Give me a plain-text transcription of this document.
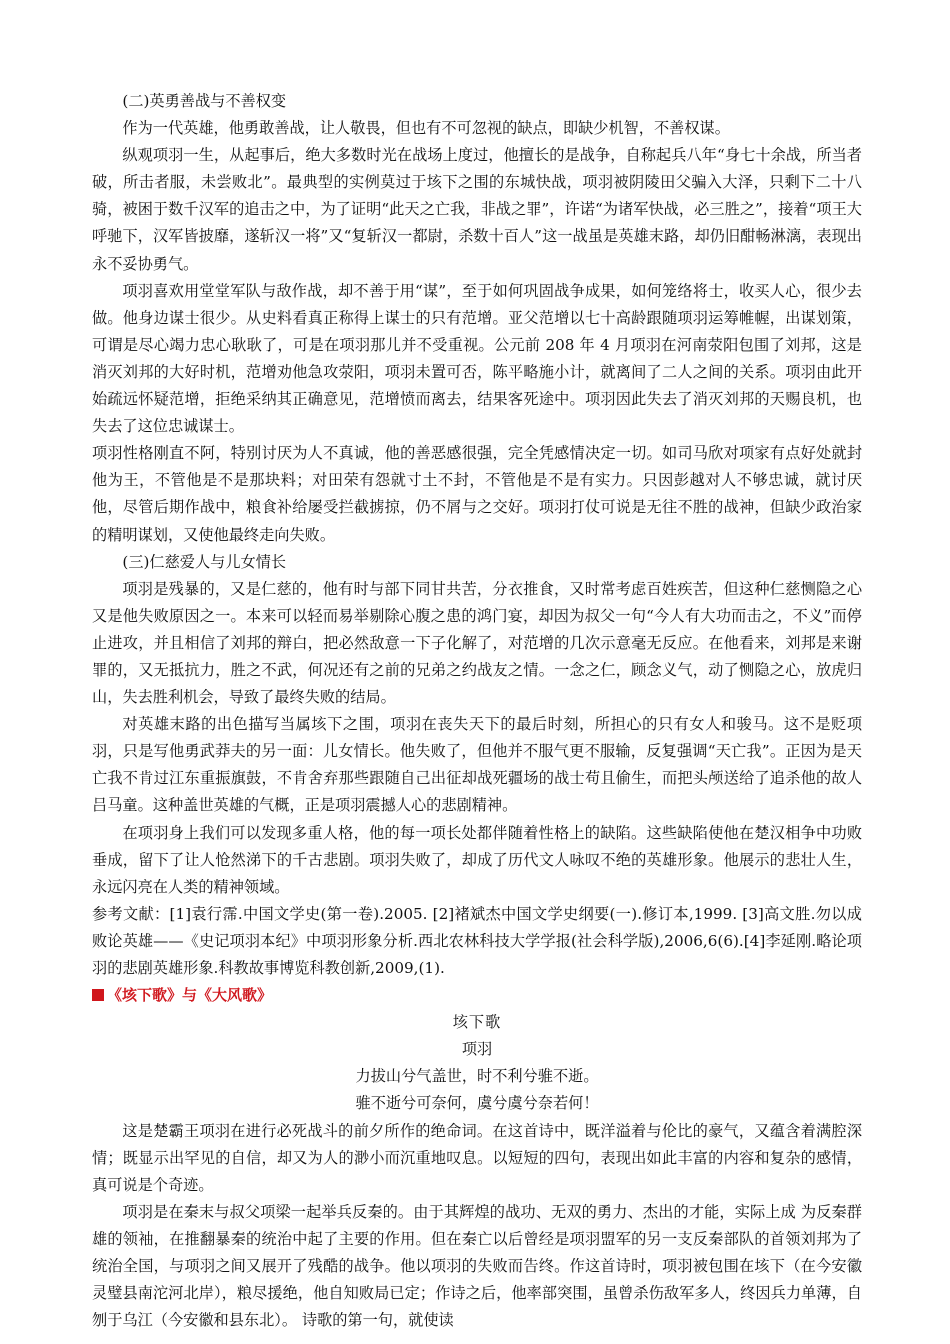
(二)英勇善战与不善权变

作为一代英雄，他勇敢善战，让人敬畏，但也有不可忽视的缺点，即缺少机智，不善权谋。

纵观项羽一生，从起事后，绝大多数时光在战场上度过，他擅长的是战争，自称起兵八年“身七十余战，所当者破，所击者服，未尝败北”。最典型的实例莫过于垓下之围的东城快战，项羽被阴陵田父骗入大泽，只剩下二十八骑，被困于数千汉军的追击之中，为了证明“此天之亡我，非战之罪”，许诺“为诸军快战，必三胜之”，接着“项王大呼驰下，汉军皆披靡，遂斩汉一将”又“复斩汉一都尉，杀数十百人”这一战虽是英雄末路，却仍旧酣畅淋漓，表现出永不妥协勇气。

项羽喜欢用堂堂军队与敌作战，却不善于用“谋”，至于如何巩固战争成果，如何笼络将士，收买人心，很少去做。他身边谋士很少。从史料看真正称得上谋士的只有范增。亚父范增以七十高龄跟随项羽运筹帷幄，出谋划策，可谓是尽心竭力忠心耿耿了，可是在项羽那儿并不受重视。公元前 208 年 4 月项羽在河南荥阳包围了刘邦，这是消灭刘邦的大好时机，范增劝他急攻荥阳，项羽未置可否，陈平略施小计，就离间了二人之间的关系。项羽由此开始疏远怀疑范增，拒绝采纳其正确意见，范增愤而离去，结果客死途中。项羽因此失去了消灭刘邦的天赐良机，也失去了这位忠诚谋士。

项羽性格刚直不阿，特别讨厌为人不真诚，他的善恶感很强，完全凭感情决定一切。如司马欣对项家有点好处就封他为王，不管他是不是那块料；对田荣有怨就寸土不封，不管他是不是有实力。只因彭越对人不够忠诚，就讨厌他，尽管后期作战中，粮食补给屡受拦截掳掠，仍不屑与之交好。项羽打仗可说是无往不胜的战神，但缺少政治家的精明谋划，又使他最终走向失败。

(三)仁慈爱人与儿女情长

项羽是残暴的，又是仁慈的，他有时与部下同甘共苦，分衣推食，又时常考虑百姓疾苦，但这种仁慈恻隐之心又是他失败原因之一。本来可以轻而易举剔除心腹之患的鸿门宴，却因为叔父一句“今人有大功而击之，不义”而停止进攻，并且相信了刘邦的辩白，把必然敌意一下子化解了，对范增的几次示意毫无反应。在他看来，刘邦是来谢罪的，又无抵抗力，胜之不武，何况还有之前的兄弟之约战友之情。一念之仁，顾念义气，动了恻隐之心，放虎归山，失去胜利机会，导致了最终失败的结局。

对英雄末路的出色描写当属垓下之围，项羽在丧失天下的最后时刻，所担心的只有女人和骏马。这不是贬项羽，只是写他勇武莽夫的另一面：儿女情长。他失败了，但他并不服气更不服输，反复强调“天亡我”。正因为是天亡我不肯过江东重振旗鼓，不肯舍弃那些跟随自己出征却战死疆场的战士苟且偷生，而把头颅送给了追杀他的故人吕马童。这种盖世英雄的气概，正是项羽震撼人心的悲剧精神。

在项羽身上我们可以发现多重人格，他的每一项长处都伴随着性格上的缺陷。这些缺陷使他在楚汉相争中功败垂成，留下了让人怆然涕下的千古悲剧。项羽失败了，却成了历代文人咏叹不绝的英雄形象。他展示的悲壮人生，永远闪亮在人类的精神领域。

参考文献：[1]袁行霈.中国文学史(第一卷).2005. [2]褚斌杰中国文学史纲要(一).修订本,1999. [3]高文胜.勿以成败论英雄——《史记项羽本纪》中项羽形象分析.西北农林科技大学学报(社会科学版),2006,6(6).[4]李延刚.略论项羽的悲剧英雄形象.科教故事博览科教创新,2009,(1).

《垓下歌》与《大风歌》

垓下歌

项羽

力拔山兮气盖世，时不利兮骓不逝。

骓不逝兮可奈何，虞兮虞兮奈若何！

这是楚霸王项羽在进行必死战斗的前夕所作的绝命词。在这首诗中，既洋溢着与伦比的豪气，又蕴含着满腔深情；既显示出罕见的自信，却又为人的渺小而沉重地叹息。以短短的四句，表现出如此丰富的内容和复杂的感情，真可说是个奇迹。

项羽是在秦末与叔父项梁一起举兵反秦的。由于其辉煌的战功、无双的勇力、杰出的才能，实际上成 为反秦群雄的领袖，在推翻暴秦的统治中起了主要的作用。但在秦亡以后曾经是项羽盟军的另一支反秦部队的首领刘邦为了统治全国，与项羽之间又展开了残酷的战争。他以项羽的失败而告终。作这首诗时，项羽被包围在垓下（在今安徽灵璧县南沱河北岸），粮尽援绝，他自知败局已定；作诗之后，他率部突围，虽曾杀伤敌军多人，终因兵力单薄，自刎于乌江（今安徽和县东北）。 诗歌的第一句，就使读
